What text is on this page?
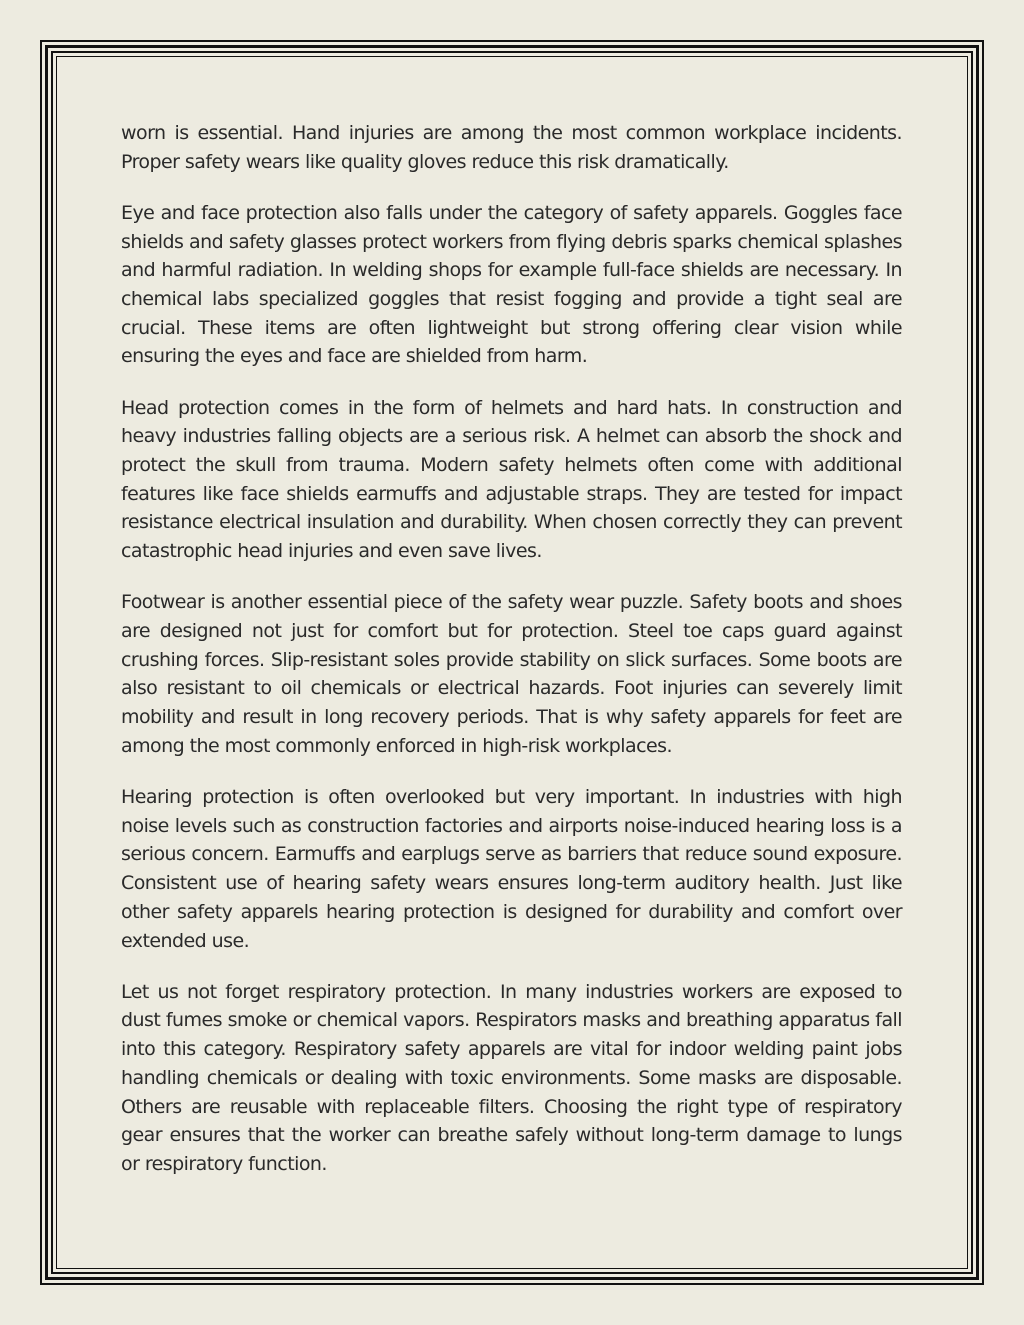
worn is essential. Hand injuries are among the most common workplace incidents. Proper safety wears like quality gloves reduce this risk dramatically.

Eye and face protection also falls under the category of safety apparels. Goggles face shields and safety glasses protect workers from flying debris sparks chemical splashes and harmful radiation. In welding shops for example full-face shields are necessary. In chemical labs specialized goggles that resist fogging and provide a tight seal are crucial. These items are often lightweight but strong offering clear vision while ensuring the eyes and face are shielded from harm.

Head protection comes in the form of helmets and hard hats. In construction and heavy industries falling objects are a serious risk. A helmet can absorb the shock and protect the skull from trauma. Modern safety helmets often come with additional features like face shields earmuffs and adjustable straps. They are tested for impact resistance electrical insulation and durability. When chosen correctly they can prevent catastrophic head injuries and even save lives.

Footwear is another essential piece of the safety wear puzzle. Safety boots and shoes are designed not just for comfort but for protection. Steel toe caps guard against crushing forces. Slip-resistant soles provide stability on slick surfaces. Some boots are also resistant to oil chemicals or electrical hazards. Foot injuries can severely limit mobility and result in long recovery periods. That is why safety apparels for feet are among the most commonly enforced in high-risk workplaces.

Hearing protection is often overlooked but very important. In industries with high noise levels such as construction factories and airports noise-induced hearing loss is a serious concern. Earmuffs and earplugs serve as barriers that reduce sound exposure. Consistent use of hearing safety wears ensures long-term auditory health. Just like other safety apparels hearing protection is designed for durability and comfort over extended use.

Let us not forget respiratory protection. In many industries workers are exposed to dust fumes smoke or chemical vapors. Respirators masks and breathing apparatus fall into this category. Respiratory safety apparels are vital for indoor welding paint jobs handling chemicals or dealing with toxic environments. Some masks are disposable. Others are reusable with replaceable filters. Choosing the right type of respiratory gear ensures that the worker can breathe safely without long-term damage to lungs or respiratory function.
